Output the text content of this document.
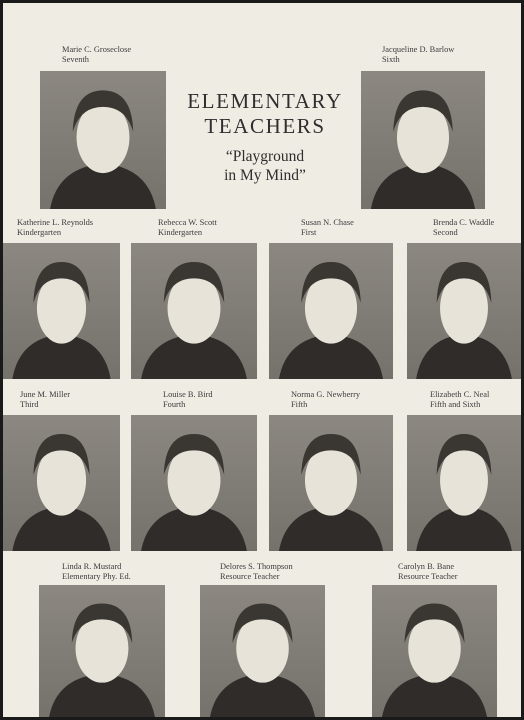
ELEMENTARY
TEACHERS
“Playground
in My Mind”
Marie C. Groseclose
Seventh
Jacqueline D. Barlow
Sixth
Katherine L. Reynolds
Kindergarten
Rebecca W. Scott
Kindergarten
Susan N. Chase
First
Brenda C. Waddle
Second
June M. Miller
Third
Louise B. Bird
Fourth
Norma G. Newberry
Fifth
Elizabeth C. Neal
Fifth and Sixth
Linda R. Mustard
Elementary Phy. Ed.
Delores S. Thompson
Resource Teacher
Carolyn B. Bane
Resource Teacher
